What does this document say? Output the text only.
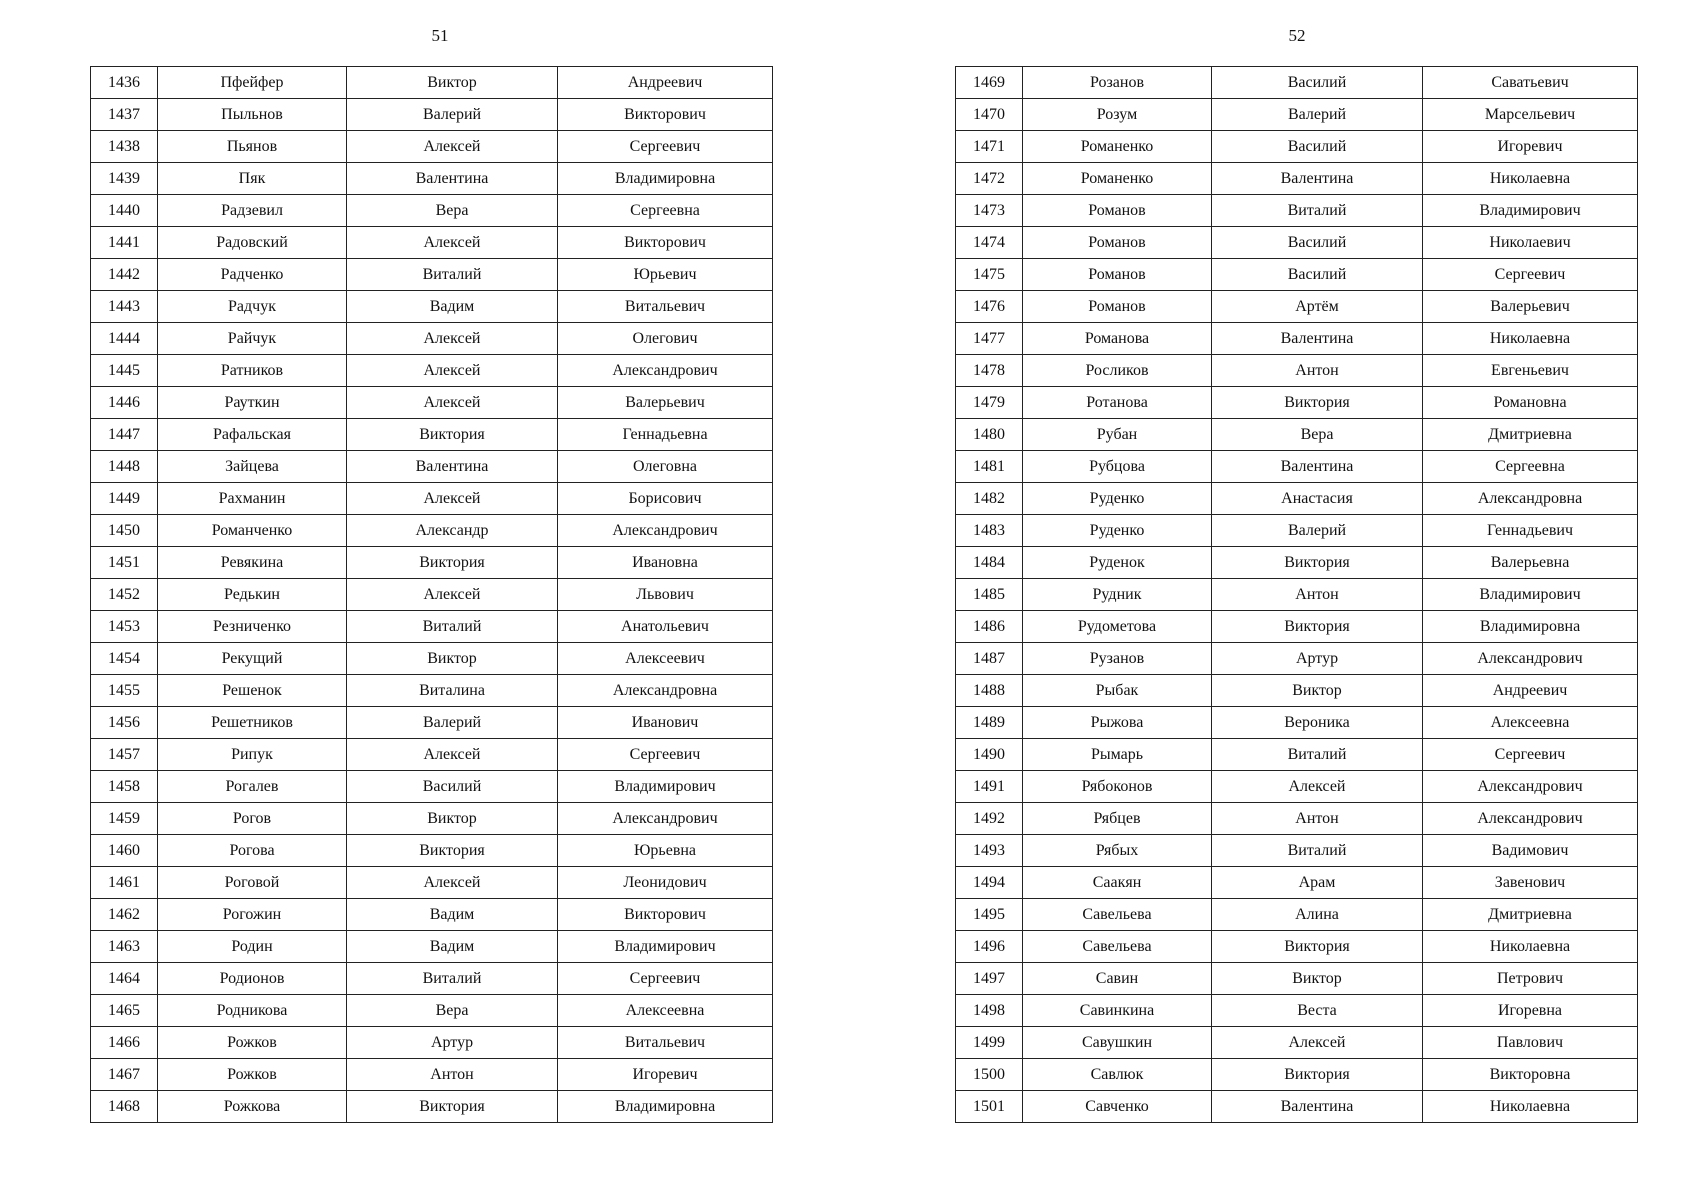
51
1436	Пфейфер	Виктор	Андреевич
1437	Пыльнов	Валерий	Викторович
1438	Пьянов	Алексей	Сергеевич
1439	Пяк	Валентина	Владимировна
1440	Радзевил	Вера	Сергеевна
1441	Радовский	Алексей	Викторович
1442	Радченко	Виталий	Юрьевич
1443	Радчук	Вадим	Витальевич
1444	Райчук	Алексей	Олегович
1445	Ратников	Алексей	Александрович
1446	Рауткин	Алексей	Валерьевич
1447	Рафальская	Виктория	Геннадьевна
1448	Зайцева	Валентина	Олеговна
1449	Рахманин	Алексей	Борисович
1450	Романченко	Александр	Александрович
1451	Ревякина	Виктория	Ивановна
1452	Редькин	Алексей	Львович
1453	Резниченко	Виталий	Анатольевич
1454	Рекущий	Виктор	Алексеевич
1455	Решенок	Виталина	Александровна
1456	Решетников	Валерий	Иванович
1457	Рипук	Алексей	Сергеевич
1458	Рогалев	Василий	Владимирович
1459	Рогов	Виктор	Александрович
1460	Рогова	Виктория	Юрьевна
1461	Роговой	Алексей	Леонидович
1462	Рогожин	Вадим	Викторович
1463	Родин	Вадим	Владимирович
1464	Родионов	Виталий	Сергеевич
1465	Родникова	Вера	Алексеевна
1466	Рожков	Артур	Витальевич
1467	Рожков	Антон	Игоревич
1468	Рожкова	Виктория	Владимировна
52
1469	Розанов	Василий	Саватьевич
1470	Розум	Валерий	Марсельевич
1471	Романенко	Василий	Игоревич
1472	Романенко	Валентина	Николаевна
1473	Романов	Виталий	Владимирович
1474	Романов	Василий	Николаевич
1475	Романов	Василий	Сергеевич
1476	Романов	Артём	Валерьевич
1477	Романова	Валентина	Николаевна
1478	Росликов	Антон	Евгеньевич
1479	Ротанова	Виктория	Романовна
1480	Рубан	Вера	Дмитриевна
1481	Рубцова	Валентина	Сергеевна
1482	Руденко	Анастасия	Александровна
1483	Руденко	Валерий	Геннадьевич
1484	Руденок	Виктория	Валерьевна
1485	Рудник	Антон	Владимирович
1486	Рудометова	Виктория	Владимировна
1487	Рузанов	Артур	Александрович
1488	Рыбак	Виктор	Андреевич
1489	Рыжова	Вероника	Алексеевна
1490	Рымарь	Виталий	Сергеевич
1491	Рябоконов	Алексей	Александрович
1492	Рябцев	Антон	Александрович
1493	Рябых	Виталий	Вадимович
1494	Саакян	Арам	Завенович
1495	Савельева	Алина	Дмитриевна
1496	Савельева	Виктория	Николаевна
1497	Савин	Виктор	Петрович
1498	Савинкина	Веста	Игоревна
1499	Савушкин	Алексей	Павлович
1500	Савлюк	Виктория	Викторовна
1501	Савченко	Валентина	Николаевна
